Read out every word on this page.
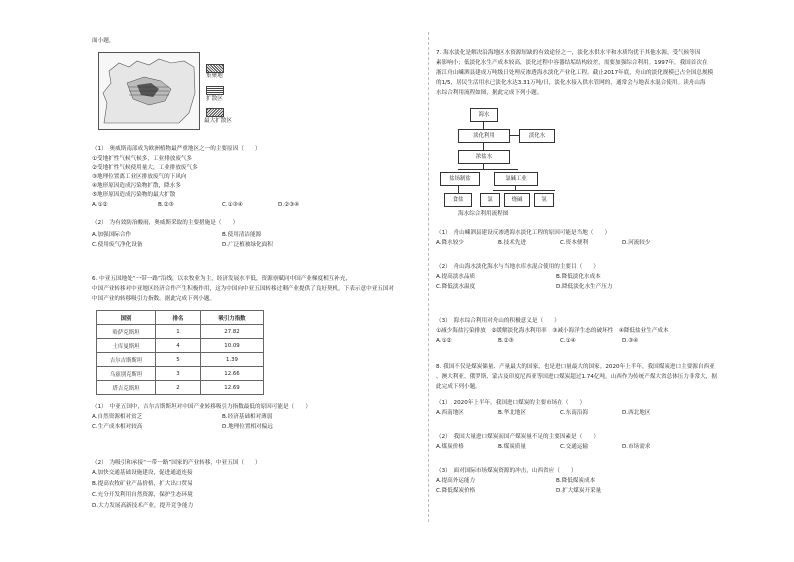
面小题。
集聚地
扩散区
最大扩散区
（1）　奥威斯南部成为欧洲植物最严重地区之一的主要原因（　　）
①受地扩性气候气候多，工业排放废气多
②受地扩性气候使用量大，工业排放废气多
③地理位置离工业区排放废气的下风向
④地形原因造成污染物扩散，降水多
⑤地形原因造成污染物的最大扩散
A.①②	B.②③	C.①③④	D.②③④
（2）　为有效防治酸雨，奥威斯采取的主要措施是（　　）
A.加强国际合作	B.使用清洁能源
C.使用废气净化设备	D.广泛植被绿化面积
6. 中亚五国地处“一带一路”沿线，以农牧业为主，经济发展水平低，资源禀赋同中国产业梯度相互补充，
中国产业转移对中亚地区经济合作产生积极作用，这为中国向中亚五国转移过剩产业提供了良好契机。下表示意中亚五国对
中国产业的转移吸引力指数。据此完成下列小题。
国别	排名	吸引力指数
哈萨克斯坦	1	27.82
土库曼斯坦	4	10.09
吉尔吉斯斯坦	5	1.39
乌兹别克斯坦	3	12.66
塔吉克斯坦	2	12.69
（1）　中亚五国中，吉尔吉斯斯坦对中国产业转移吸引力指数最低的原因可能是（　　）
A.自然资源相对贫乏	B.经济基础相对薄弱
C.生产成本相对较高	D.地理位置相对偏远
（2）　为吸引和承接“一带一路”国家的产业转移，中亚五国（　　）
A.加快交通基础设施建设，促进通道连接
B.提高农牧矿业产品价格，扩大出口贸易
C.充分开发利用自然资源，保护生态环境
D.大力发展高新技术产业，提升竞争能力
7. 海水淡化是解决沿海地区水资源短缺的有效途径之一，淡化水供水平和水质均优于其他水源。受气候等因
素影响小；低淡化水生产成本较高，淡化过程中容器结垢结构较差，需要加强综合利用。1997年，我国首次在
浙江舟山嵊泗县建成万吨级日处理反渗透海水淡化产业化工程。截止2017年底，舟山的淡化规模已占全国总规模
的1/5，居民生活用水已淡化水达3.31万吨/日，淡化水接入供水管网的，通常会与地表水混合使用。读舟山海
水综合利用流程如图，据此完成下列小题。
海水
淡化利用	淡化水
浓盐水
盐场制盐	氯碱工业
食盐	氯	烧碱	氢
海水综合利用流程图
（1）　舟山嵊泗县建设反渗透海水淡化工程的原因可能是当地（　　）
A.降水较少	B.技术先进	C.资本便利	D.河流较少
（2）　舟山海水淡化海水与当地水库水混合使用的主要目（　　）
A.提高淡水品质	B.降低淡化水成本
C.降低淡水温度	D.降低淡化水生产压力
（3）　海水综合利用对舟山的积极意义是（　　）
①减少海盐污染排放　②缓解淡化海水利用率　③减小海洋生态的破坏性　④降低盐业生产成本
A.①②	B.②③	C.①④	D.③④
8. 我国不仅是煤炭储量、产量最大的国家，也是进口量最大的国家。2020年上半年，我国煤炭进口主要源自西亚
、澳大利亚、俄罗斯、蒙古及印度尼西亚等国进口煤炭超过1.74亿吨。山西作为传统产煤大省总体压力非常大，据
此完成下列小题。
（1）　2020年上半年，我国进口煤炭的主要市场在（　　）
A.西南地区	B.华北地区	C.东南沿海	D.西北地区
（2）　我国大量进口煤炭而国产煤炭量不足的主要因素是（　　）
A.煤炭价格	B.煤炭质量	C.交通运输	D.市场需求
（3）　面对国际市场煤炭资源的冲击，山西省应（　　）
A.提高外运能力	B.降低煤炭成本
C.降低煤炭价格	D.扩大煤炭开采量
